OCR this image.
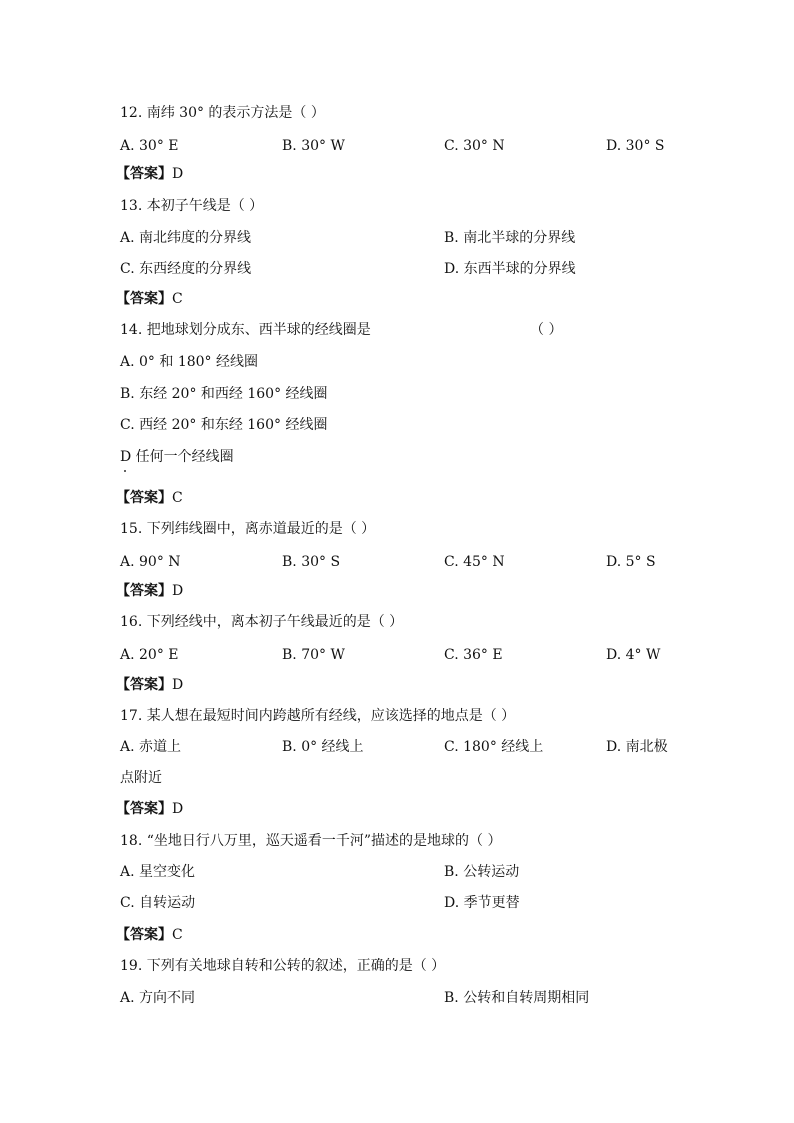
12. 南纬 30° 的表示方法是（ ）
A. 30° E	B. 30° W	C. 30° N	D. 30° S
【答案】D
13. 本初子午线是（ ）
A. 南北纬度的分界线	B. 南北半球的分界线
C. 东西经度的分界线	D. 东西半球的分界线
【答案】C
14. 把地球划分成东、西半球的经线圈是	（ ）
A. 0° 和 180° 经线圈
B. 东经 20° 和西经 160° 经线圈
C. 西经 20° 和东经 160° 经线圈
D 任何一个经线圈
【答案】C
15. 下列纬线圈中，离赤道最近的是（ ）
A. 90° N	B. 30° S	C. 45° N	D. 5° S
【答案】D
16. 下列经线中，离本初子午线最近的是（ ）
A. 20° E	B. 70° W	C. 36° E	D. 4° W
【答案】D
17. 某人想在最短时间内跨越所有经线，应该选择的地点是（ ）
A. 赤道上	B. 0° 经线上	C. 180° 经线上	D. 南北极
点附近
【答案】D
18. “坐地日行八万里，巡天遥看一千河”描述的是地球的（ ）
A. 星空变化	B. 公转运动
C. 自转运动	D. 季节更替
【答案】C
19. 下列有关地球自转和公转的叙述，正确的是（ ）
A. 方向不同	B. 公转和自转周期相同
